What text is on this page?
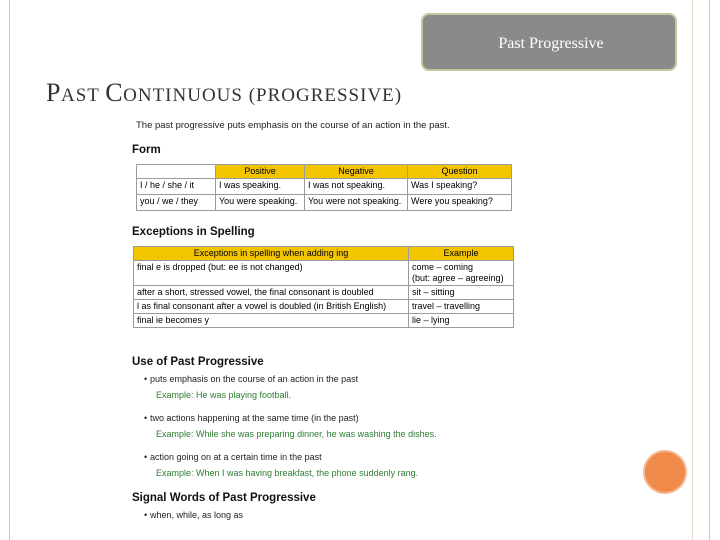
Past Progressive
PAST CONTINUOUS (PROGRESSIVE)
The past progressive puts emphasis on the course of an action in the past.
Form
	Positive	Negative	Question
I / he / she / it	I was speaking.	I was not speaking.	Was I speaking?
you / we / they	You were speaking.	You were not speaking.	Were you speaking?
Exceptions in Spelling
Exceptions in spelling when adding ing	Example
final e is dropped (but: ee is not changed)	come – coming
(but: agree – agreeing)
after a short, stressed vowel, the final consonant is doubled	sit – sitting
l as final consonant after a vowel is doubled (in British English)	travel – travelling
final ie becomes y	lie – lying
Use of Past Progressive
• puts emphasis on the course of an action in the past
Example: He was playing football.
• two actions happening at the same time (in the past)
Example: While she was preparing dinner, he was washing the dishes.
• action going on at a certain time in the past
Example: When I was having breakfast, the phone suddenly rang.
Signal Words of Past Progressive
• when, while, as long as
